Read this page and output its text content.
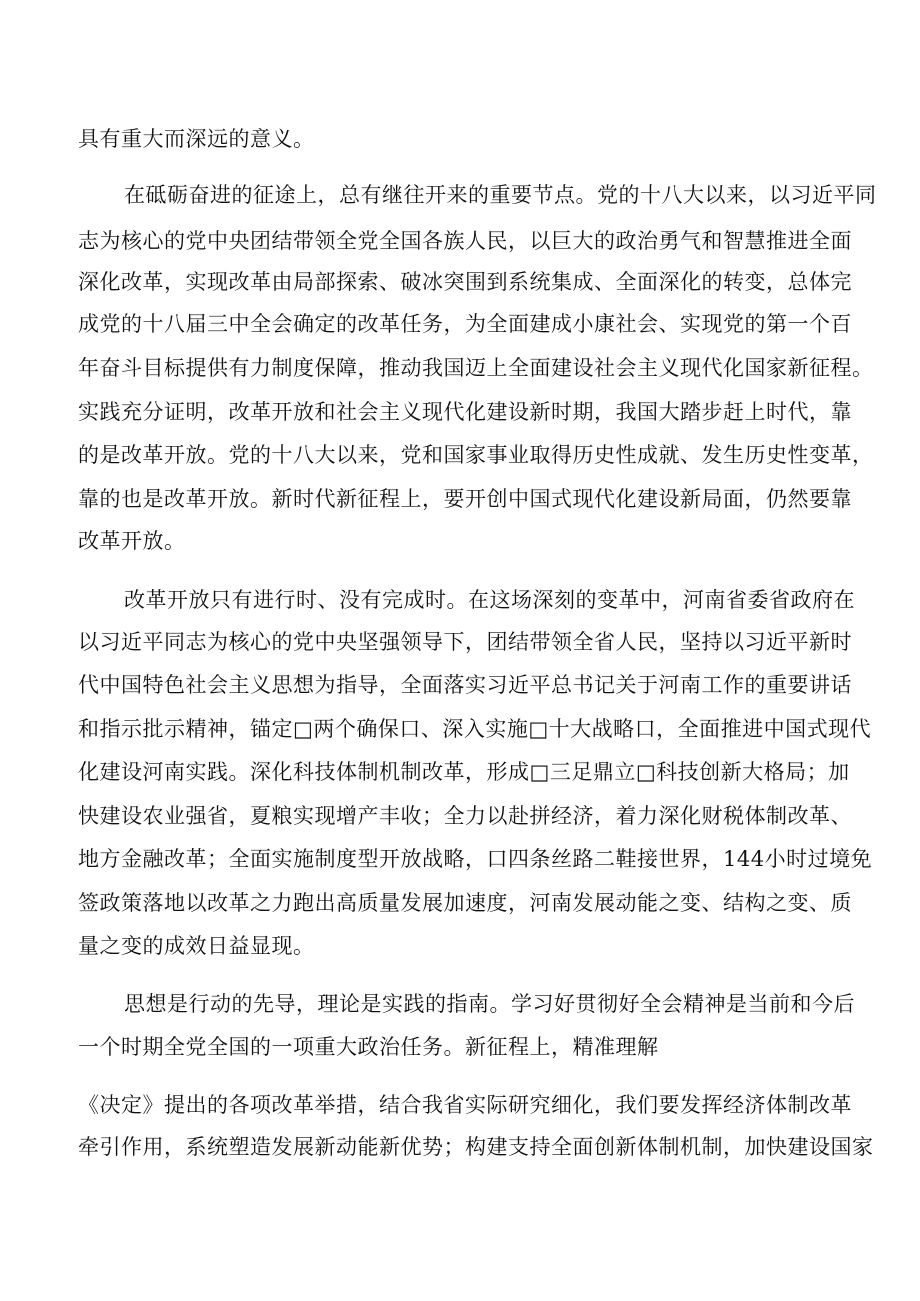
具有重大而深远的意义。
在砥砺奋进的征途上，总有继往开来的重要节点。党的十八大以来，以习近平同
志为核心的党中央团结带领全党全国各族人民，以巨大的政治勇气和智慧推进全面
深化改革，实现改革由局部探索、破冰突围到系统集成、全面深化的转变，总体完
成党的十八届三中全会确定的改革任务，为全面建成小康社会、实现党的第一个百
年奋斗目标提供有力制度保障，推动我国迈上全面建设社会主义现代化国家新征程。
实践充分证明，改革开放和社会主义现代化建设新时期，我国大踏步赶上时代，靠
的是改革开放。党的十八大以来，党和国家事业取得历史性成就、发生历史性变革，
靠的也是改革开放。新时代新征程上，要开创中国式现代化建设新局面，仍然要靠
改革开放。
改革开放只有进行时、没有完成时。在这场深刻的变革中，河南省委省政府在
以习近平同志为核心的党中央坚强领导下，团结带领全省人民，坚持以习近平新时
代中国特色社会主义思想为指导，全面落实习近平总书记关于河南工作的重要讲话
和指示批示精神，锚定□两个确保口、深入实施□十大战略口，全面推进中国式现代
化建设河南实践。深化科技体制机制改革，形成□三足鼎立□科技创新大格局；加
快建设农业强省，夏粮实现增产丰收；全力以赴拼经济，着力深化财税体制改革、
地方金融改革；全面实施制度型开放战略，口四条丝路二鞋接世界，144小时过境免
签政策落地以改革之力跑出高质量发展加速度，河南发展动能之变、结构之变、质
量之变的成效日益显现。
思想是行动的先导，理论是实践的指南。学习好贯彻好全会精神是当前和今后
一个时期全党全国的一项重大政治任务。新征程上，精准理解
《决定》提出的各项改革举措，结合我省实际研究细化，我们要发挥经济体制改革
牵引作用，系统塑造发展新动能新优势；构建支持全面创新体制机制，加快建设国家
